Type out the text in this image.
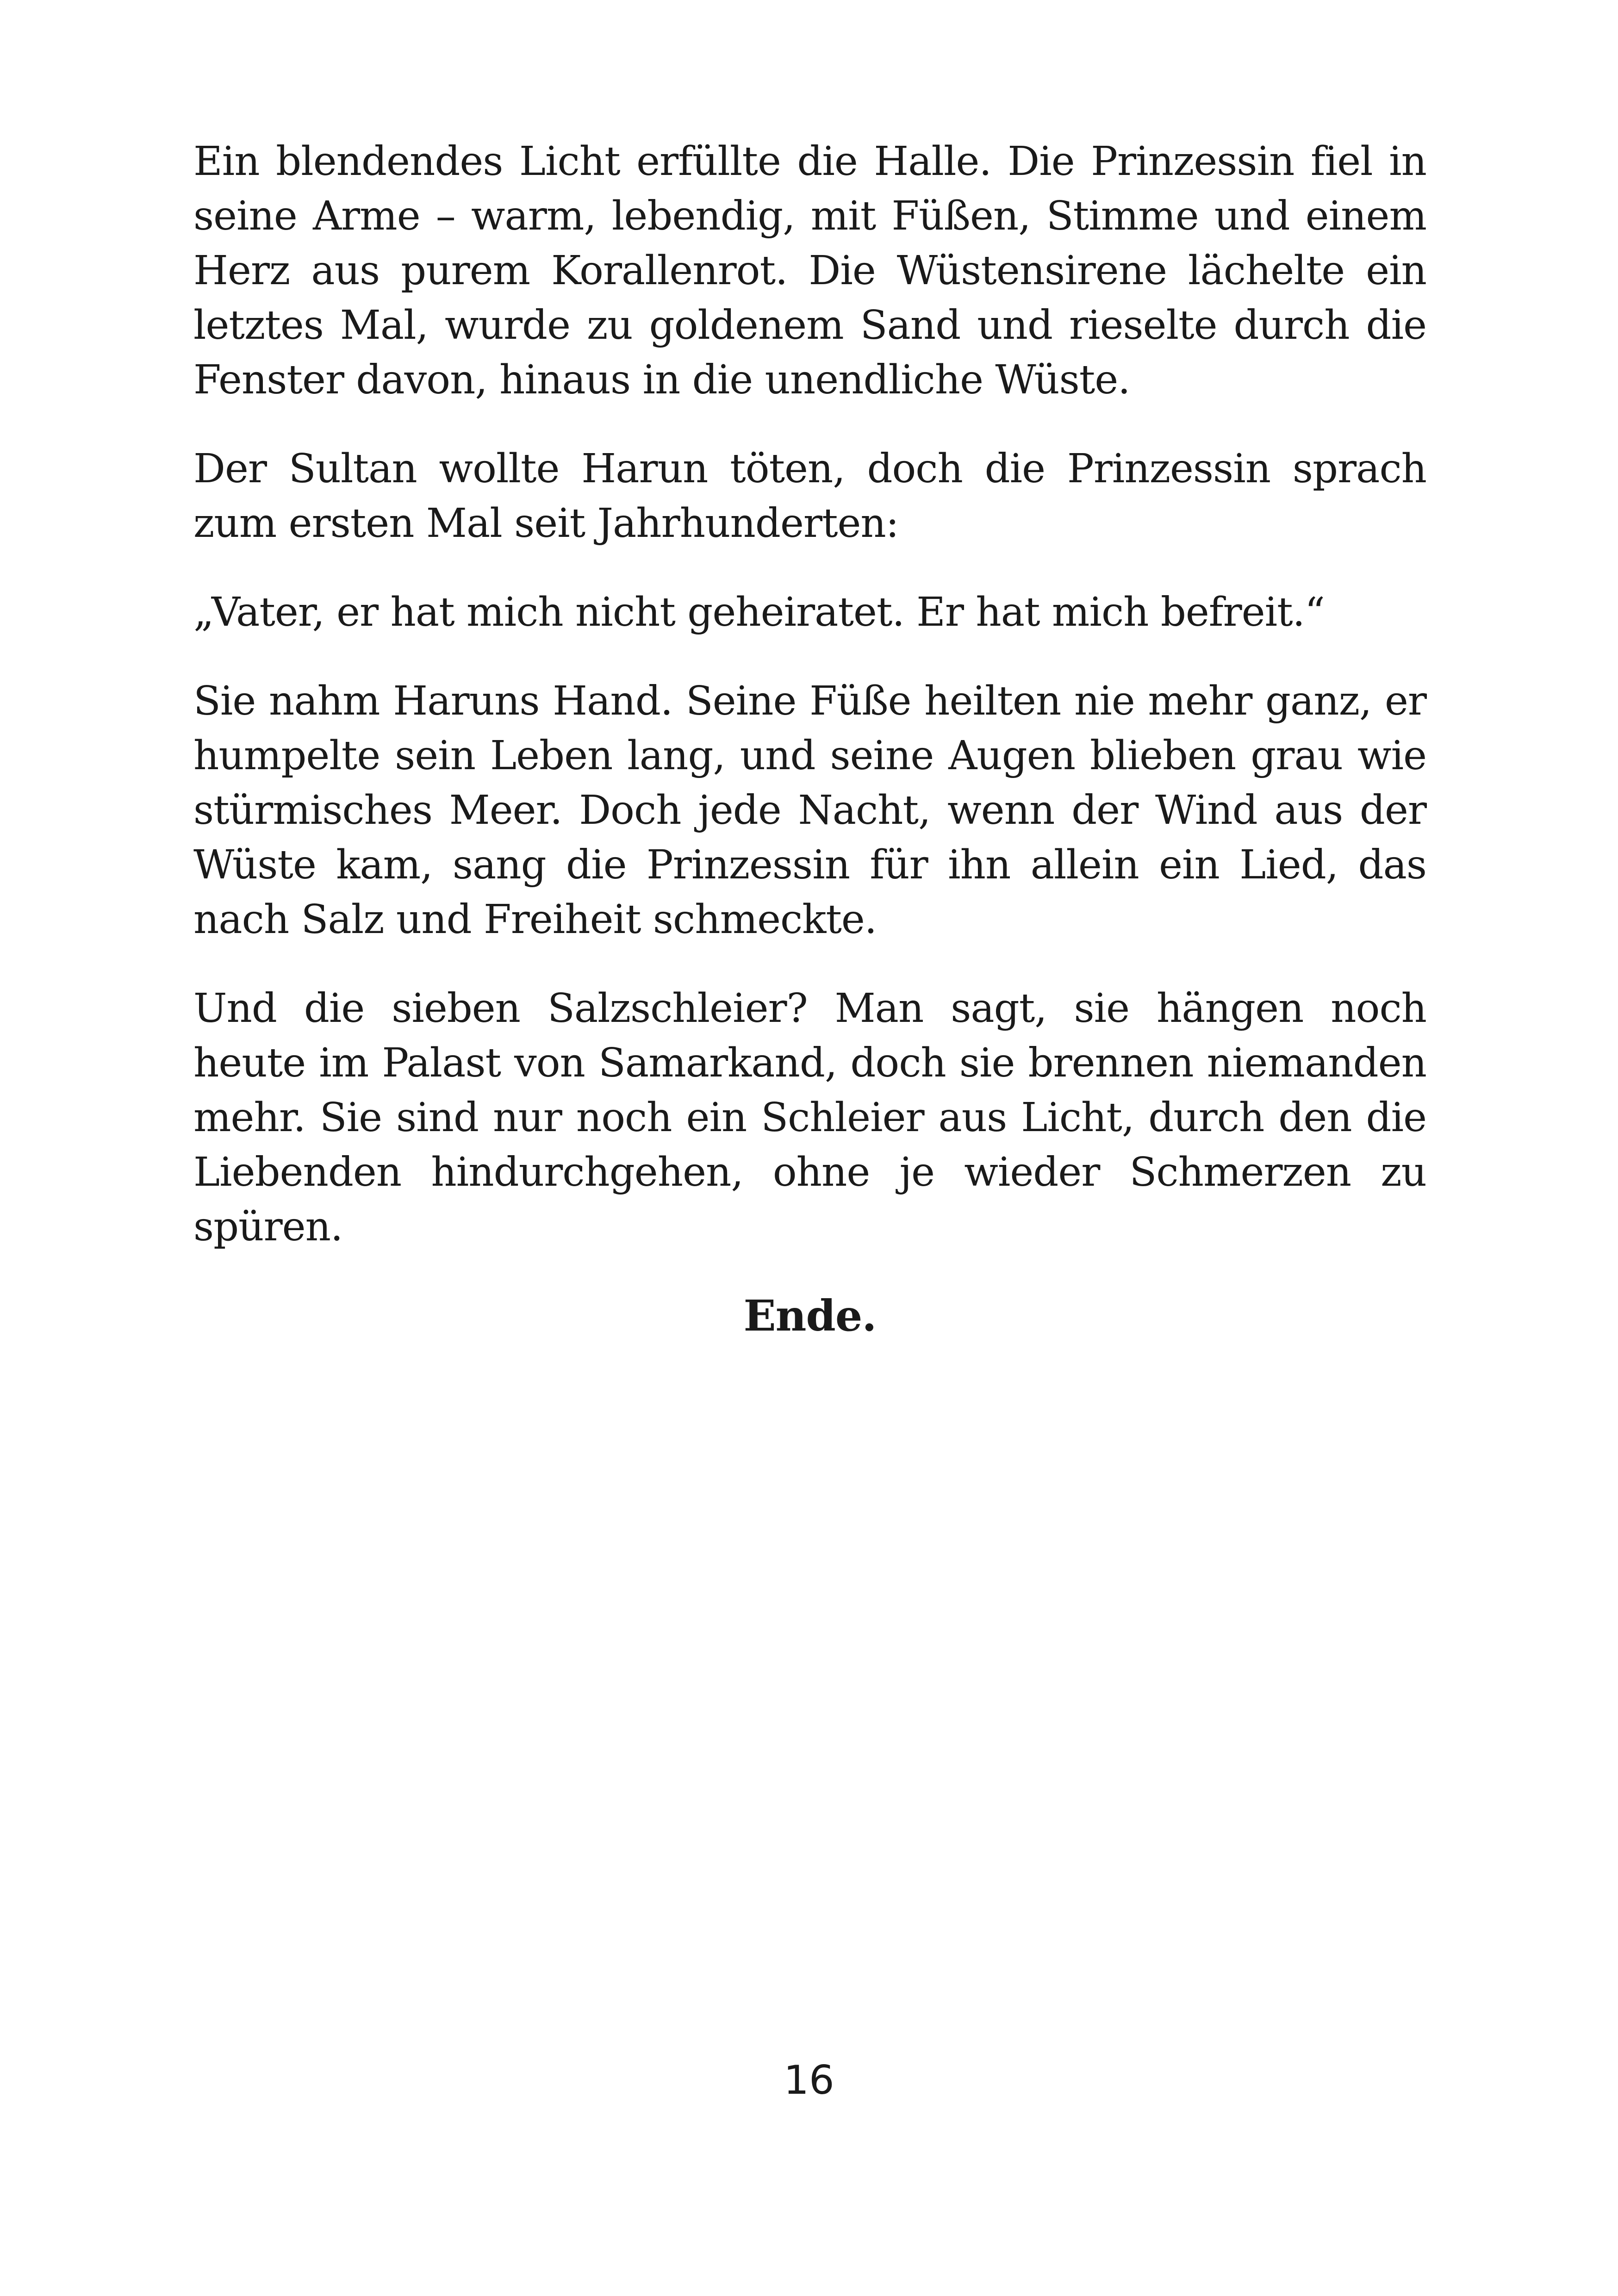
Ein blendendes Licht erfüllte die Halle. Die Prinzessin fiel in seine Arme – warm, lebendig, mit Füßen, Stimme und einem Herz aus purem Korallenrot. Die Wüstensirene lächelte ein letztes Mal, wurde zu goldenem Sand und rieselte durch die Fenster davon, hinaus in die unendliche Wüste.

Der Sultan wollte Harun töten, doch die Prinzessin sprach zum ersten Mal seit Jahrhunderten:

„Vater, er hat mich nicht geheiratet. Er hat mich befreit.“

Sie nahm Haruns Hand. Seine Füße heilten nie mehr ganz, er humpelte sein Leben lang, und seine Augen blieben grau wie stürmisches Meer. Doch jede Nacht, wenn der Wind aus der Wüste kam, sang die Prinzessin für ihn allein ein Lied, das nach Salz und Freiheit schmeckte.

Und die sieben Salzschleier? Man sagt, sie hängen noch heute im Palast von Samarkand, doch sie brennen niemanden mehr. Sie sind nur noch ein Schleier aus Licht, durch den die Liebenden hindurchgehen, ohne je wieder Schmerzen zu spüren.

Ende.

16
